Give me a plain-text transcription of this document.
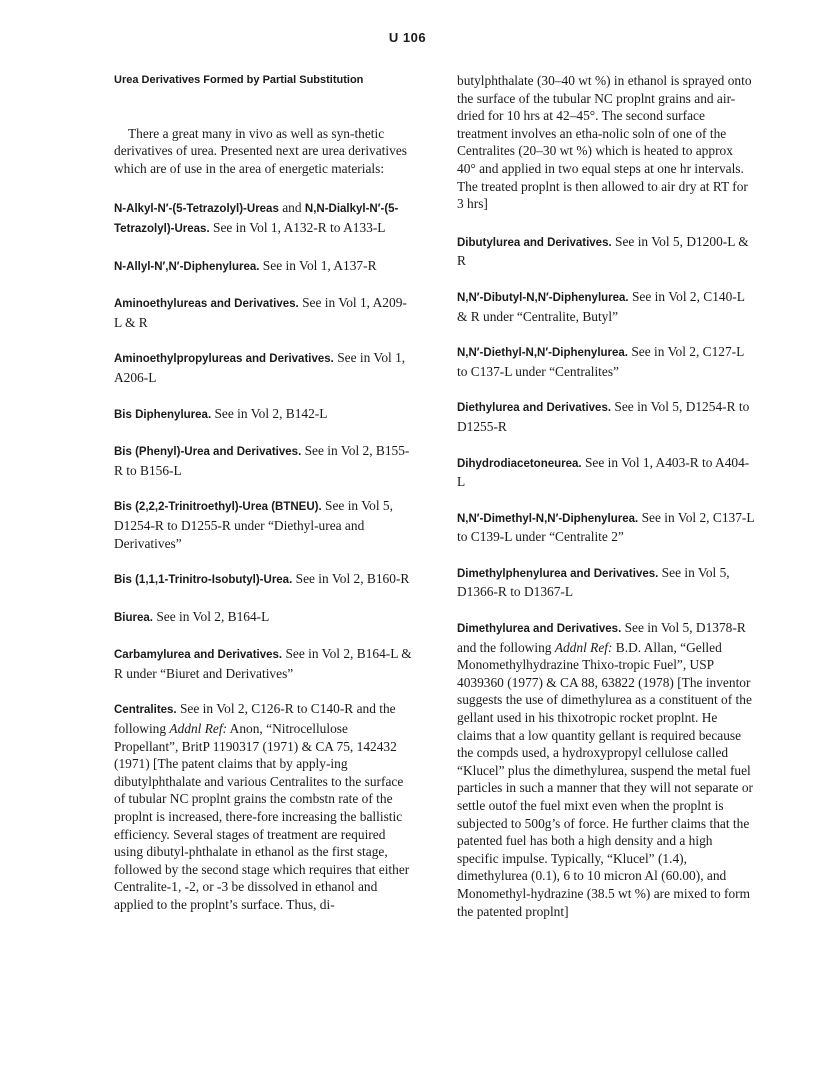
U 106
Urea Derivatives Formed by Partial Substitution

There a great many in vivo as well as syn-thetic derivatives of urea. Presented next are urea derivatives which are of use in the area of energetic materials:

N-Alkyl-N′-(5-Tetrazolyl)-Ureas and N,N-Dialkyl-N′-(5-Tetrazolyl)-Ureas. See in Vol 1, A132-R to A133-L
N-Allyl-N′,N′-Diphenylurea. See in Vol 1, A137-R
Aminoethylureas and Derivatives. See in Vol 1, A209-L & R
Aminoethylpropylureas and Derivatives. See in Vol 1, A206-L
Bis Diphenylurea. See in Vol 2, B142-L
Bis (Phenyl)-Urea and Derivatives. See in Vol 2, B155-R to B156-L
Bis (2,2,2-Trinitroethyl)-Urea (BTNEU). See in Vol 5, D1254-R to D1255-R under “Diethyl-urea and Derivatives”
Bis (1,1,1-Trinitro-Isobutyl)-Urea. See in Vol 2, B160-R
Biurea. See in Vol 2, B164-L
Carbamylurea and Derivatives. See in Vol 2, B164-L & R under “Biuret and Derivatives”
Centralites. See in Vol 2, C126-R to C140-R and the following Addnl Ref: Anon, “Nitrocellulose Propellant”, BritP 1190317 (1971) & CA 75, 142432 (1971) [The patent claims that by apply-ing dibutylphthalate and various Centralites to the surface of tubular NC proplnt grains the combstn rate of the proplnt is increased, there-fore increasing the ballistic efficiency. Several stages of treatment are required using dibutyl-phthalate in ethanol as the first stage, followed by the second stage which requires that either Centralite-1, -2, or -3 be dissolved in ethanol and applied to the proplnt’s surface. Thus, di-

butylphthalate (30–40 wt %) in ethanol is sprayed onto the surface of the tubular NC proplnt grains and air-dried for 10 hrs at 42–45°. The second surface treatment involves an etha-nolic soln of one of the Centralites (20–30 wt %) which is heated to approx 40° and applied in two equal steps at one hr intervals. The treated proplnt is then allowed to air dry at RT for 3 hrs]

Dibutylurea and Derivatives. See in Vol 5, D1200-L & R
N,N′-Dibutyl-N,N′-Diphenylurea. See in Vol 2, C140-L & R under “Centralite, Butyl”
N,N′-Diethyl-N,N′-Diphenylurea. See in Vol 2, C127-L to C137-L under “Centralites”
Diethylurea and Derivatives. See in Vol 5, D1254-R to D1255-R
Dihydrodiacetoneurea. See in Vol 1, A403-R to A404-L
N,N′-Dimethyl-N,N′-Diphenylurea. See in Vol 2, C137-L to C139-L under “Centralite 2”
Dimethylphenylurea and Derivatives. See in Vol 5, D1366-R to D1367-L
Dimethylurea and Derivatives. See in Vol 5, D1378-R and the following Addnl Ref: B.D. Allan, “Gelled Monomethylhydrazine Thixo-tropic Fuel”, USP 4039360 (1977) & CA 88, 63822 (1978) [The inventor suggests the use of dimethylurea as a constituent of the gellant used in his thixotropic rocket proplnt. He claims that a low quantity gellant is required because the compds used, a hydroxypropyl cellulose called “Klucel” plus the dimethylurea, suspend the metal fuel particles in such a manner that they will not separate or settle outof the fuel mixt even when the proplnt is subjected to 500g’s of force. He further claims that the patented fuel has both a high density and a high specific impulse. Typically, “Klucel” (1.4), dimethylurea (0.1), 6 to 10 micron Al (60.00), and Monomethyl-hydrazine (38.5 wt %) are mixed to form the patented proplnt]
